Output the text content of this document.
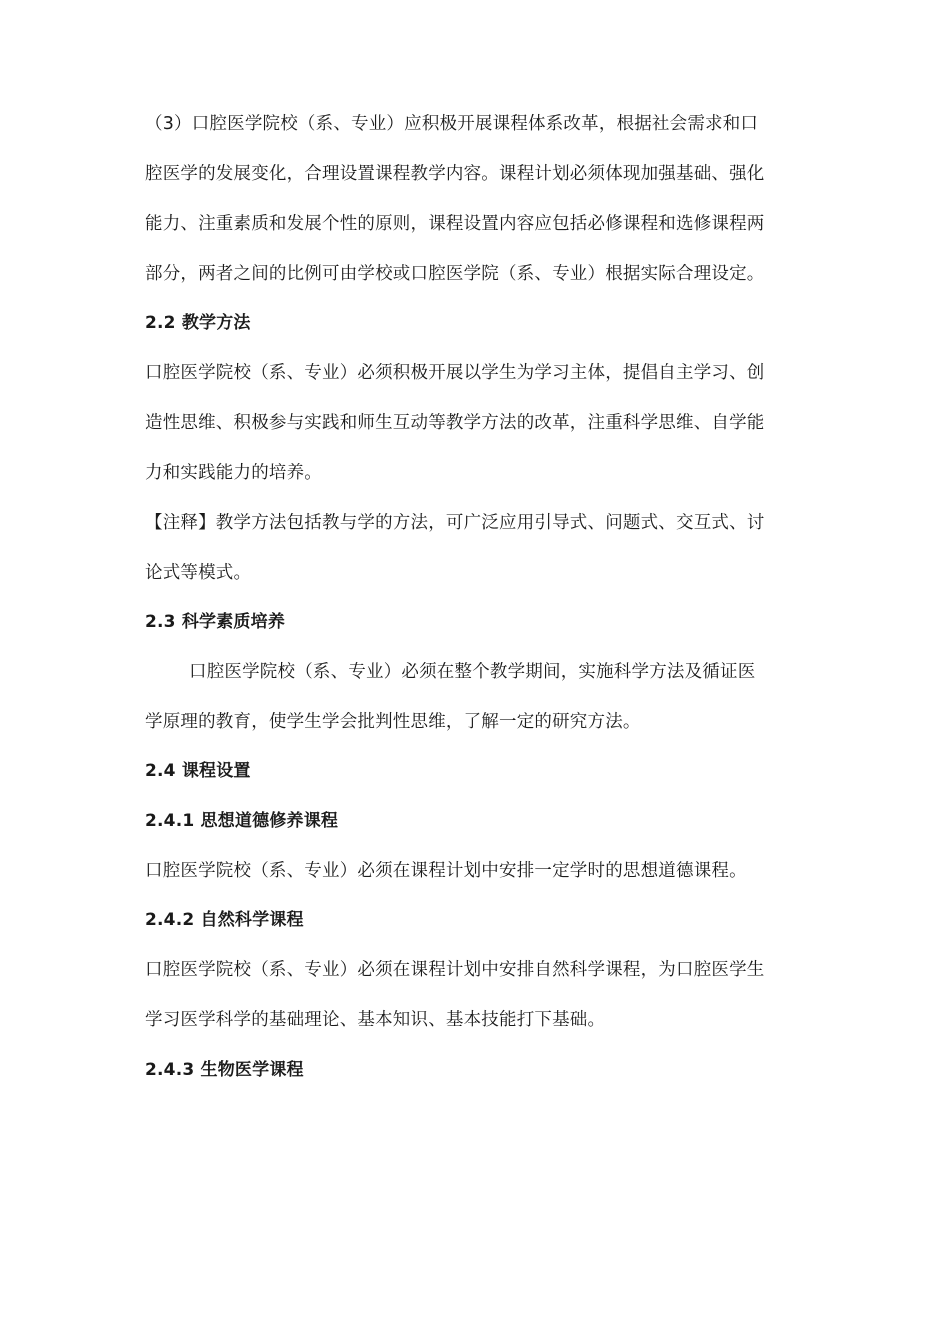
（3）口腔医学院校（系、专业）应积极开展课程体系改革，根据社会需求和口
腔医学的发展变化，合理设置课程教学内容。课程计划必须体现加强基础、强化
能力、注重素质和发展个性的原则，课程设置内容应包括必修课程和选修课程两
部分，两者之间的比例可由学校或口腔医学院（系、专业）根据实际合理设定。
2.2 教学方法
口腔医学院校（系、专业）必须积极开展以学生为学习主体，提倡自主学习、创
造性思维、积极参与实践和师生互动等教学方法的改革，注重科学思维、自学能
力和实践能力的培养。
【注释】教学方法包括教与学的方法，可广泛应用引导式、问题式、交互式、讨
论式等模式。
2.3 科学素质培养
口腔医学院校（系、专业）必须在整个教学期间，实施科学方法及循证医
学原理的教育，使学生学会批判性思维，了解一定的研究方法。
2.4 课程设置
2.4.1 思想道德修养课程
口腔医学院校（系、专业）必须在课程计划中安排一定学时的思想道德课程。
2.4.2 自然科学课程
口腔医学院校（系、专业）必须在课程计划中安排自然科学课程，为口腔医学生
学习医学科学的基础理论、基本知识、基本技能打下基础。
2.4.3 生物医学课程
